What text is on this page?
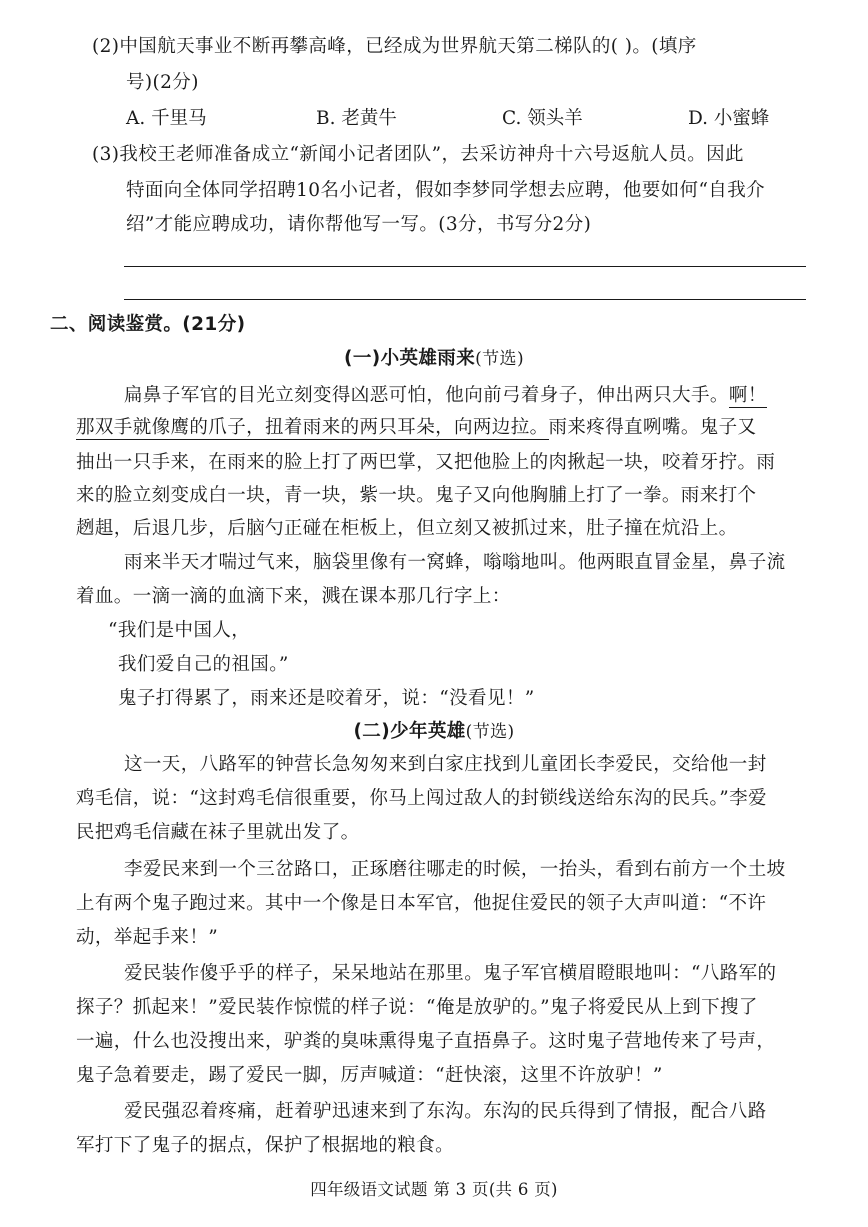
(2)中国航天事业不断再攀高峰，已经成为世界航天第二梯队的( )。(填序
号)(2分)
A. 千里马	B. 老黄牛	C. 领头羊	D. 小蜜蜂
(3)我校王老师准备成立“新闻小记者团队”，去采访神舟十六号返航人员。因此
特面向全体同学招聘10名小记者，假如李梦同学想去应聘，他要如何“自我介
绍”才能应聘成功，请你帮他写一写。(3分，书写分2分)
二、阅读鉴赏。(21分)
(一)小英雄雨来(节选)
扁鼻子军官的目光立刻变得凶恶可怕，他向前弓着身子，伸出两只大手。啊！
那双手就像鹰的爪子，扭着雨来的两只耳朵，向两边拉。雨来疼得直咧嘴。鬼子又
抽出一只手来，在雨来的脸上打了两巴掌，又把他脸上的肉揪起一块，咬着牙拧。雨
来的脸立刻变成白一块，青一块，紫一块。鬼子又向他胸脯上打了一拳。雨来打个
趔趄，后退几步，后脑勺正碰在柜板上，但立刻又被抓过来，肚子撞在炕沿上。
雨来半天才喘过气来，脑袋里像有一窝蜂，嗡嗡地叫。他两眼直冒金星，鼻子流
着血。一滴一滴的血滴下来，溅在课本那几行字上：
“我们是中国人，
我们爱自己的祖国。”
鬼子打得累了，雨来还是咬着牙，说：“没看见！”
(二)少年英雄(节选)
这一天，八路军的钟营长急匆匆来到白家庄找到儿童团长李爱民，交给他一封
鸡毛信，说：“这封鸡毛信很重要，你马上闯过敌人的封锁线送给东沟的民兵。”李爱
民把鸡毛信藏在袜子里就出发了。
李爱民来到一个三岔路口，正琢磨往哪走的时候，一抬头，看到右前方一个土坡
上有两个鬼子跑过来。其中一个像是日本军官，他捉住爱民的领子大声叫道：“不许
动，举起手来！”
爱民装作傻乎乎的样子，呆呆地站在那里。鬼子军官横眉瞪眼地叫：“八路军的
探子？抓起来！”爱民装作惊慌的样子说：“俺是放驴的。”鬼子将爱民从上到下搜了
一遍，什么也没搜出来，驴粪的臭味熏得鬼子直捂鼻子。这时鬼子营地传来了号声，
鬼子急着要走，踢了爱民一脚，厉声喊道：“赶快滚，这里不许放驴！”
爱民强忍着疼痛，赶着驴迅速来到了东沟。东沟的民兵得到了情报，配合八路
军打下了鬼子的据点，保护了根据地的粮食。
四年级语文试题 第 3 页(共 6 页)
